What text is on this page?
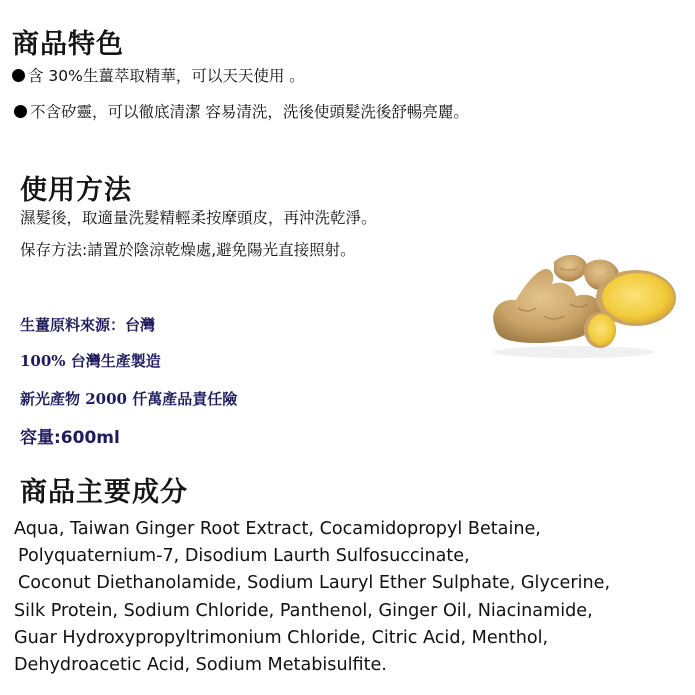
商品特色
含 30%生薑萃取精華，可以天天使用 。
不含矽靈，可以徹底清潔 容易清洗，洗後使頭髮洗後舒暢亮麗。
使用方法
濕髮後，取適量洗髮精輕柔按摩頭皮，再沖洗乾淨。
保存方法:請置於陰涼乾燥處,避免陽光直接照射。
生薑原料來源：台灣
100% 台灣生產製造
新光產物 2000 仟萬產品責任險
容量:600ml
商品主要成分
Aqua, Taiwan Ginger Root Extract, Cocamidopropyl Betaine,
Polyquaternium-7, Disodium Laurth Sulfosuccinate,
Coconut Diethanolamide, Sodium Lauryl Ether Sulphate, Glycerine,
Silk Protein, Sodium Chloride, Panthenol, Ginger Oil, Niacinamide,
Guar Hydroxypropyltrimonium Chloride, Citric Acid, Menthol,
Dehydroacetic Acid, Sodium Metabisulfite.
